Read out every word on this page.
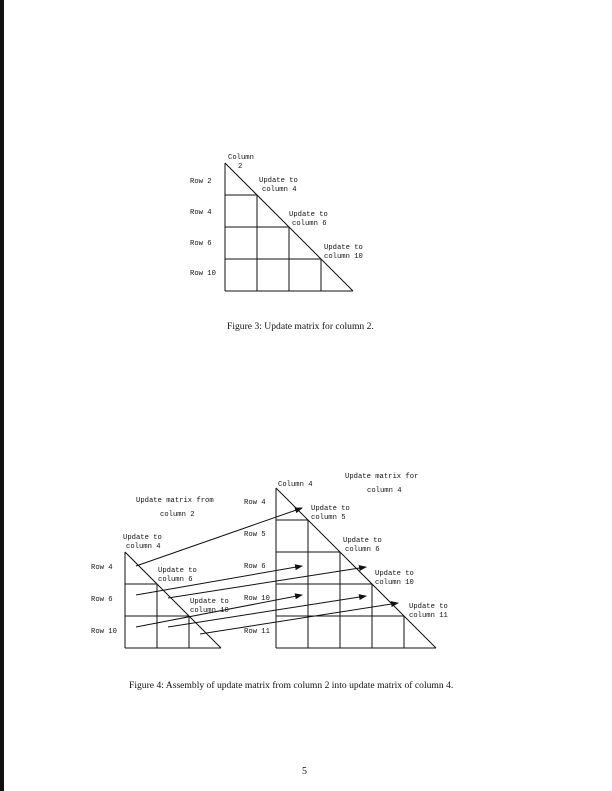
Column
2
Row 2
Row 4
Row 6
Row 10
Update to
column 4
Update to
column 6
Update to
column 10
Update matrix from
column 2
Update matrix for
column 4
Update to
column 4
Update to
column 6
Update to
column 10
Row 4
Row 6
Row 10
Column 4
Row 4
Row 5
Row 6
Row 10
Row 11
Update to
column 5
Update to
column 6
Update to
column 10
Update to
column 11
Figure 3: Update matrix for column 2.
Figure 4: Assembly of update matrix from column 2 into update matrix of column 4.
5
